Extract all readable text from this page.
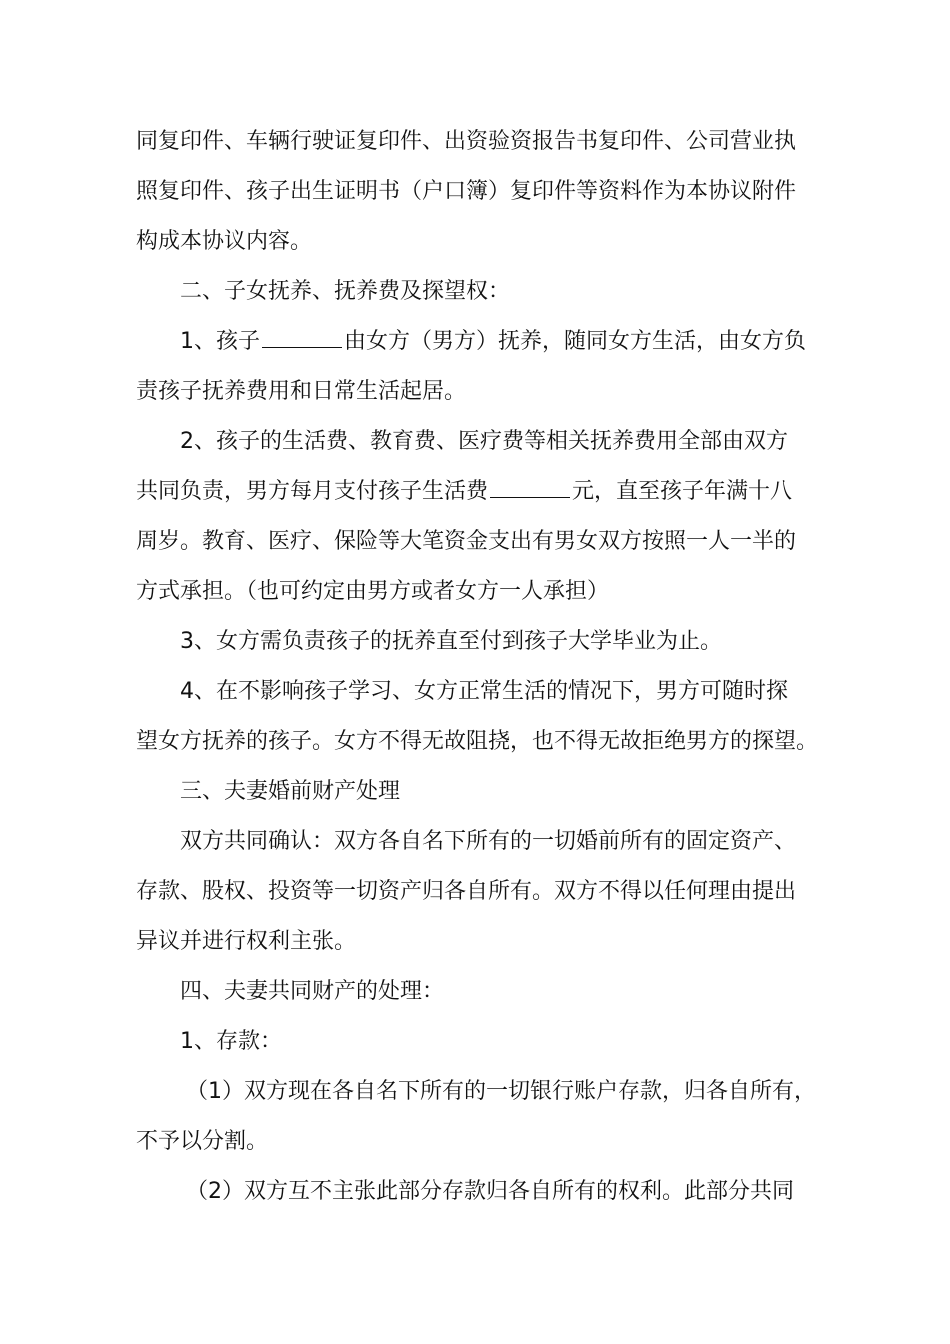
同复印件、车辆行驶证复印件、出资验资报告书复印件、公司营业执
照复印件、孩子出生证明书（户口簿）复印件等资料作为本协议附件
构成本协议内容。
二、子女抚养、抚养费及探望权：
1、孩子	由女方（男方）抚养，随同女方生活，由女方负
责孩子抚养费用和日常生活起居。
2、孩子的生活费、教育费、医疗费等相关抚养费用全部由双方
共同负责，男方每月支付孩子生活费	元，直至孩子年满十八
周岁。教育、医疗、保险等大笔资金支出有男女双方按照一人一半的
方式承担。（也可约定由男方或者女方一人承担）
3、女方需负责孩子的抚养直至付到孩子大学毕业为止。
4、在不影响孩子学习、女方正常生活的情况下，男方可随时探
望女方抚养的孩子。女方不得无故阻挠，也不得无故拒绝男方的探望。
三、夫妻婚前财产处理
双方共同确认：双方各自名下所有的一切婚前所有的固定资产、
存款、股权、投资等一切资产归各自所有。双方不得以任何理由提出
异议并进行权利主张。
四、夫妻共同财产的处理：
1、存款：
（1）双方现在各自名下所有的一切银行账户存款，归各自所有，
不予以分割。
（2）双方互不主张此部分存款归各自所有的权利。此部分共同
